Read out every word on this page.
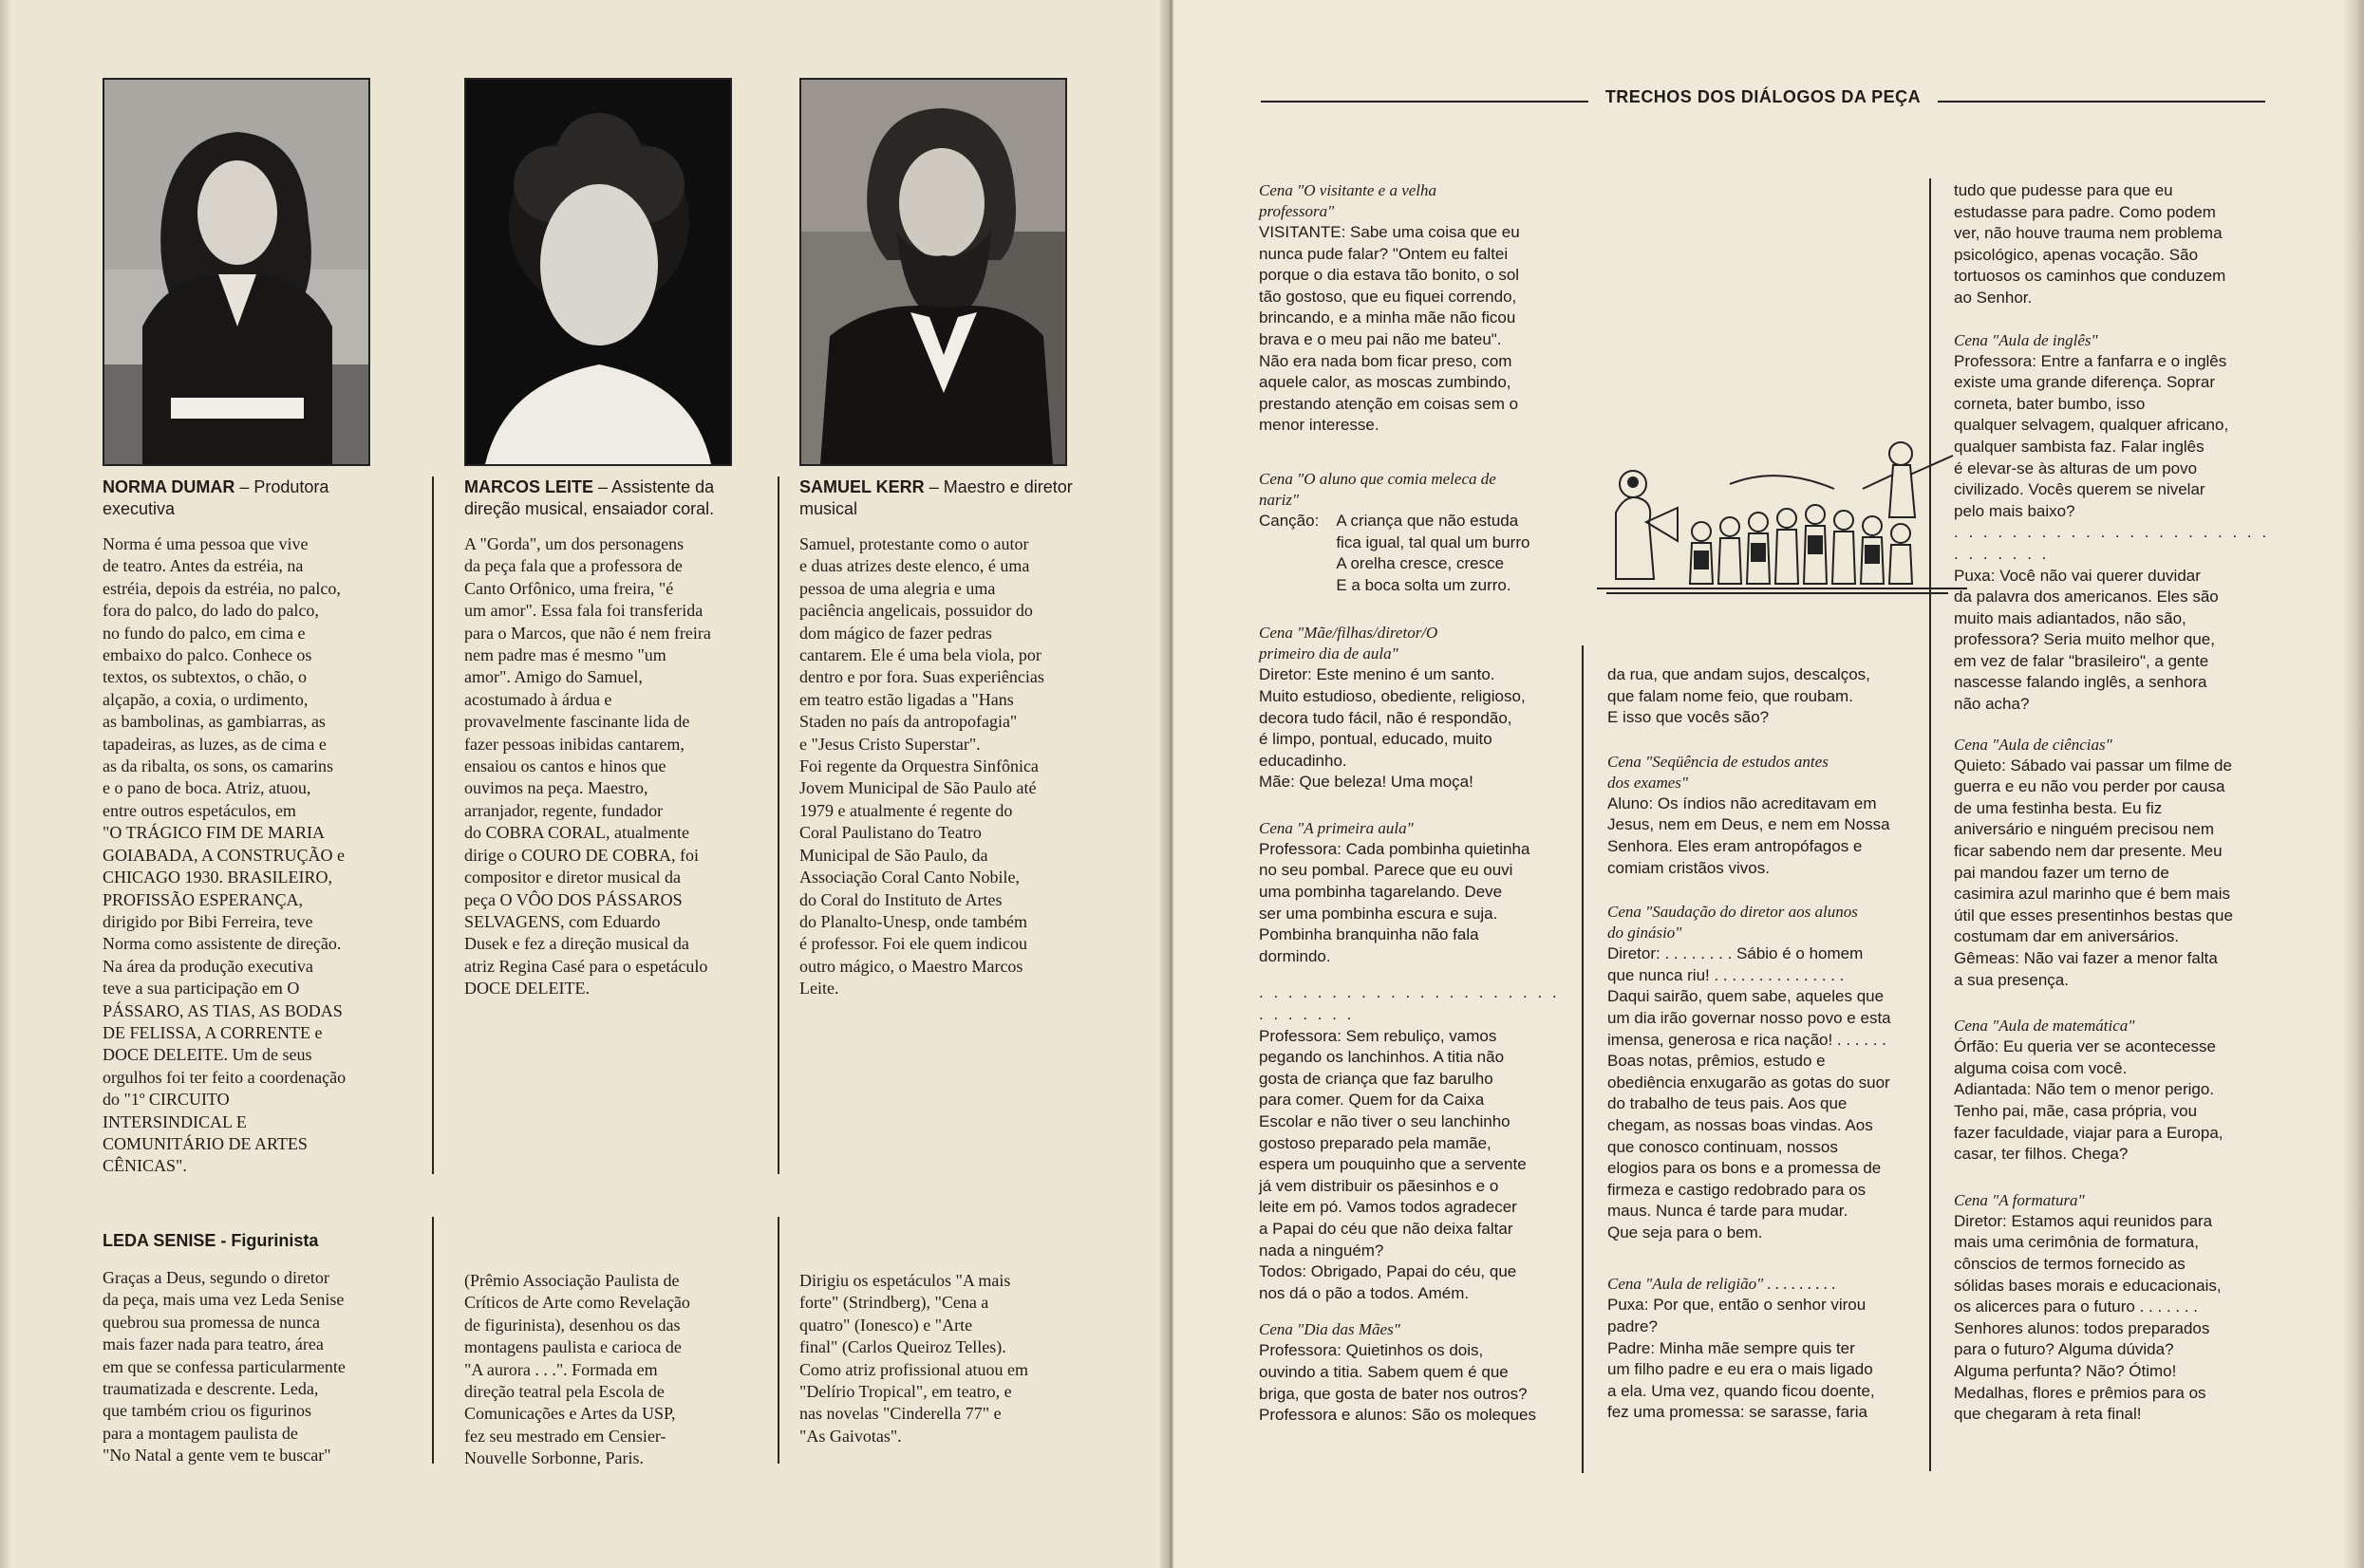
NORMA DUMAR – Produtora executiva

Norma é uma pessoa que vive
de teatro. Antes da estréia, na
estréia, depois da estréia, no palco,
fora do palco, do lado do palco,
no fundo do palco, em cima e
embaixo do palco. Conhece os
textos, os subtextos, o chão, o
alçapão, a coxia, o urdimento,
as bambolinas, as gambiarras, as
tapadeiras, as luzes, as de cima e
as da ribalta, os sons, os camarins
e o pano de boca. Atriz, atuou,
entre outros espetáculos, em
"O TRÁGICO FIM DE MARIA
GOIABADA, A CONSTRUÇÃO e
CHICAGO 1930. BRASILEIRO,
PROFISSÃO ESPERANÇA,
dirigido por Bibi Ferreira, teve
Norma como assistente de direção.
Na área da produção executiva
teve a sua participação em O
PÁSSARO, AS TIAS, AS BODAS
DE FELISSA, A CORRENTE e
DOCE DELEITE. Um de seus
orgulhos foi ter feito a coordenação
do "1º CIRCUITO
INTERSINDICAL E
COMUNITÁRIO DE ARTES
CÊNICAS".

MARCOS LEITE – Assistente da direção musical, ensaiador coral.

A "Gorda", um dos personagens
da peça fala que a professora de
Canto Orfônico, uma freira, "é
um amor". Essa fala foi transferida
para o Marcos, que não é nem freira
nem padre mas é mesmo "um
amor". Amigo do Samuel,
acostumado à árdua e
provavelmente fascinante lida de
fazer pessoas inibidas cantarem,
ensaiou os cantos e hinos que
ouvimos na peça. Maestro,
arranjador, regente, fundador
do COBRA CORAL, atualmente
dirige o COURO DE COBRA, foi
compositor e diretor musical da
peça O VÔO DOS PÁSSAROS
SELVAGENS, com Eduardo
Dusek e fez a direção musical da
atriz Regina Casé para o espetáculo
DOCE DELEITE.

SAMUEL KERR – Maestro e diretor musical

Samuel, protestante como o autor
e duas atrizes deste elenco, é uma
pessoa de uma alegria e uma
paciência angelicais, possuidor do
dom mágico de fazer pedras
cantarem. Ele é uma bela viola, por
dentro e por fora. Suas experiências
em teatro estão ligadas a "Hans
Staden no país da antropofagia"
e "Jesus Cristo Superstar".
Foi regente da Orquestra Sinfônica
Jovem Municipal de São Paulo até
1979 e atualmente é regente do
Coral Paulistano do Teatro
Municipal de São Paulo, da
Associação Coral Canto Nobile,
do Coral do Instituto de Artes
do Planalto-Unesp, onde também
é professor. Foi ele quem indicou
outro mágico, o Maestro Marcos
Leite.

LEDA SENISE - Figurinista

Graças a Deus, segundo o diretor
da peça, mais uma vez Leda Senise
quebrou sua promessa de nunca
mais fazer nada para teatro, área
em que se confessa particularmente
traumatizada e descrente. Leda,
que também criou os figurinos
para a montagem paulista de
"No Natal a gente vem te buscar"

(Prêmio Associação Paulista de
Críticos de Arte como Revelação
de figurinista), desenhou os das
montagens paulista e carioca de
"A aurora . . .". Formada em
direção teatral pela Escola de
Comunicações e Artes da USP,
fez seu mestrado em Censier-
Nouvelle Sorbonne, Paris.

Dirigiu os espetáculos "A mais
forte" (Strindberg), "Cena a
quatro" (Ionesco) e "Arte
final" (Carlos Queiroz Telles).
Como atriz profissional atuou em
"Delírio Tropical", em teatro, e
nas novelas "Cinderella 77" e
"As Gaivotas".

TRECHOS DOS DIÁLOGOS DA PEÇA

Cena "O visitante e a velha
professora"

VISITANTE: Sabe uma coisa que eu
nunca pude falar? "Ontem eu faltei
porque o dia estava tão bonito, o sol
tão gostoso, que eu fiquei correndo,
brincando, e a minha mãe não ficou
brava e o meu pai não me bateu".
Não era nada bom ficar preso, com
aquele calor, as moscas zumbindo,
prestando atenção em coisas sem o
menor interesse.

Cena "O aluno que comia meleca de
nariz"

Canção: A criança que não estuda
fica igual, tal qual um burro
A orelha cresce, cresce
E a boca solta um zurro.

Cena "Mãe/filhas/diretor/O
primeiro dia de aula"

Diretor: Este menino é um santo.
Muito estudioso, obediente, religioso,
decora tudo fácil, não é respondão,
é limpo, pontual, educado, muito
educadinho.
Mãe: Que beleza! Uma moça!

Cena "A primeira aula"

Professora: Cada pombinha quietinha
no seu pombal. Parece que eu ouvi
uma pombinha tagarelando. Deve
ser uma pombinha escura e suja.
Pombinha branquinha não fala
dormindo.

. . . . . . . . . . . . . . . . . . . . . . . . . . . .

Professora: Sem rebuliço, vamos
pegando os lanchinhos. A titia não
gosta de criança que faz barulho
para comer. Quem for da Caixa
Escolar e não tiver o seu lanchinho
gostoso preparado pela mamãe,
espera um pouquinho que a servente
já vem distribuir os pãesinhos e o
leite em pó. Vamos todos agradecer
a Papai do céu que não deixa faltar
nada a ninguém?
Todos: Obrigado, Papai do céu, que
nos dá o pão a todos. Amém.

Cena "Dia das Mães"

Professora: Quietinhos os dois,
ouvindo a titia. Sabem quem é que
briga, que gosta de bater nos outros?
Professora e alunos: São os moleques

da rua, que andam sujos, descalços,
que falam nome feio, que roubam.
E isso que vocês são?

Cena "Seqüência de estudos antes
dos exames"

Aluno: Os índios não acreditavam em
Jesus, nem em Deus, e nem em Nossa
Senhora. Eles eram antropófagos e
comiam cristãos vivos.

Cena "Saudação do diretor aos alunos
do ginásio"

Diretor: . . . . . . . . Sábio é o homem
que nunca riu! . . . . . . . . . . . . . . .
Daqui sairão, quem sabe, aqueles que
um dia irão governar nosso povo e esta
imensa, generosa e rica nação! . . . . . .
Boas notas, prêmios, estudo e
obediência enxugarão as gotas do suor
do trabalho de teus pais. Aos que
chegam, as nossas boas vindas. Aos
que conosco continuam, nossos
elogios para os bons e a promessa de
firmeza e castigo redobrado para os
maus. Nunca é tarde para mudar.
Que seja para o bem.

Cena "Aula de religião" . . . . . . . . .

Puxa: Por que, então o senhor virou
padre?
Padre: Minha mãe sempre quis ter
um filho padre e eu era o mais ligado
a ela. Uma vez, quando ficou doente,
fez uma promessa: se sarasse, faria

tudo que pudesse para que eu
estudasse para padre. Como podem
ver, não houve trauma nem problema
psicológico, apenas vocação. São
tortuosos os caminhos que conduzem
ao Senhor.

Cena "Aula de inglês"

Professora: Entre a fanfarra e o inglês
existe uma grande diferença. Soprar
corneta, bater bumbo, isso
qualquer selvagem, qualquer africano,
qualquer sambista faz. Falar inglês
é elevar-se às alturas de um povo
civilizado. Vocês querem se nivelar
pelo mais baixo?

. . . . . . . . . . . . . . . . . . . . . . . . . . . . .

Puxa: Você não vai querer duvidar
da palavra dos americanos. Eles são
muito mais adiantados, não são,
professora? Seria muito melhor que,
em vez de falar "brasileiro", a gente
nascesse falando inglês, a senhora
não acha?

Cena "Aula de ciências"

Quieto: Sábado vai passar um filme de
guerra e eu não vou perder por causa
de uma festinha besta. Eu fiz
aniversário e ninguém precisou nem
ficar sabendo nem dar presente. Meu
pai mandou fazer um terno de
casimira azul marinho que é bem mais
útil que esses presentinhos bestas que
costumam dar em aniversários.
Gêmeas: Não vai fazer a menor falta
a sua presença.

Cena "Aula de matemática"

Órfão: Eu queria ver se acontecesse
alguma coisa com você.
Adiantada: Não tem o menor perigo.
Tenho pai, mãe, casa própria, vou
fazer faculdade, viajar para a Europa,
casar, ter filhos. Chega?

Cena "A formatura"

Diretor: Estamos aqui reunidos para
mais uma cerimônia de formatura,
cônscios de termos fornecido as
sólidas bases morais e educacionais,
os alicerces para o futuro . . . . . . .
Senhores alunos: todos preparados
para o futuro? Alguma dúvida?
Alguma perfunta? Não? Ótimo!
Medalhas, flores e prêmios para os
que chegaram à reta final!
